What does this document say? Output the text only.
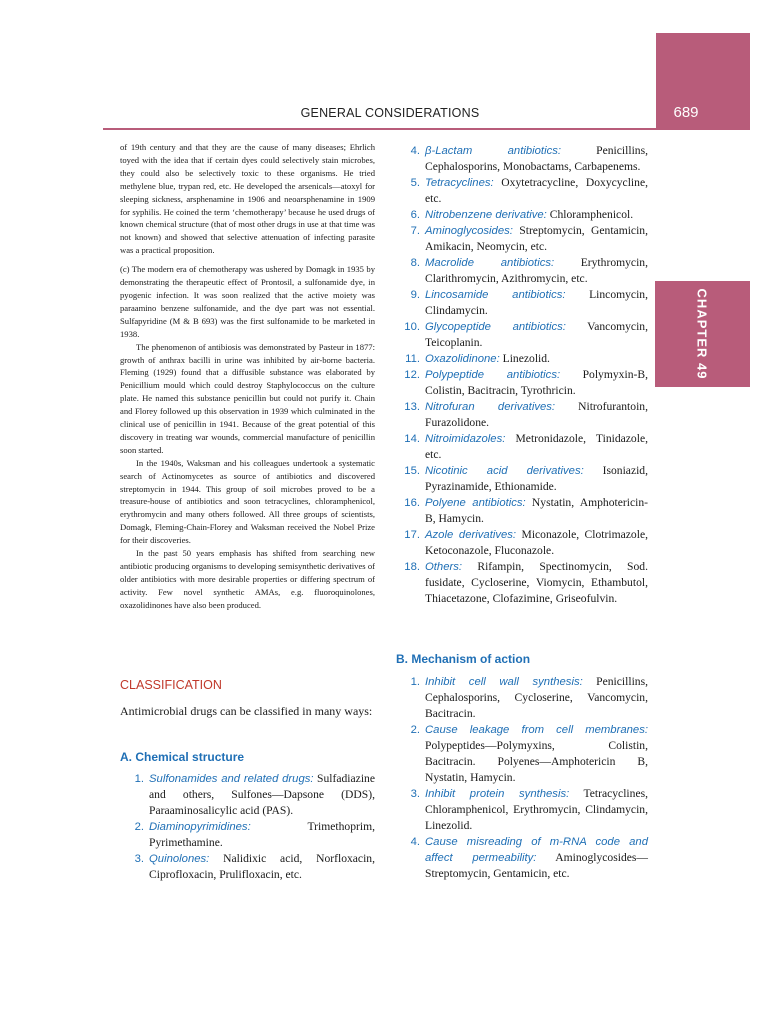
689
GENERAL CONSIDERATIONS
CHAPTER 49

of 19th century and that they are the cause of many diseases; Ehrlich toyed with the idea that if certain dyes could selectively stain microbes, they could also be selectively toxic to these organisms. He tried methylene blue, trypan red, etc. He developed the arsenicals—atoxyl for sleeping sickness, arsphenamine in 1906 and neoarsphenamine in 1909 for syphilis. He coined the term ‘chemotherapy’ because he used drugs of known chemical structure (that of most other drugs in use at that time was not known) and showed that selective attenuation of infecting parasite was a practical proposition.

(c) The modern era of chemotherapy was ushered by Domagk in 1935 by demonstrating the therapeutic effect of Prontosil, a sulfonamide dye, in pyogenic infection. It was soon realized that the active moiety was paraamino benzene sulfonamide, and the dye part was not essential. Sulfapyridine (M & B 693) was the first sulfonamide to be marketed in 1938.

The phenomenon of antibiosis was demonstrated by Pasteur in 1877: growth of anthrax bacilli in urine was inhibited by air-borne bacteria. Fleming (1929) found that a diffusible substance was elaborated by Penicillium mould which could destroy Staphylococcus on the culture plate. He named this substance penicillin but could not purify it. Chain and Florey followed up this observation in 1939 which culminated in the clinical use of penicillin in 1941. Because of the great potential of this discovery in treating war wounds, commercial manufacture of penicillin soon started.

In the 1940s, Waksman and his colleagues undertook a systematic search of Actinomycetes as source of antibiotics and discovered streptomycin in 1944. This group of soil microbes proved to be a treasure-house of antibiotics and soon tetracyclines, chloramphenicol, erythromycin and many others followed. All three groups of scientists, Domagk, Fleming-Chain-Florey and Waksman received the Nobel Prize for their discoveries.

In the past 50 years emphasis has shifted from searching new antibiotic producing organisms to developing semisynthetic derivatives of older antibiotics with more desirable properties or differing spectrum of activity. Few novel synthetic AMAs, e.g. fluoroquinolones, oxazolidinones have also been produced.

CLASSIFICATION

Antimicrobial drugs can be classified in many ways:

A. Chemical structure

1. Sulfonamides and related drugs: Sulfadiazine and others, Sulfones—Dapsone (DDS), Paraaminosalicylic acid (PAS).

2. Diaminopyrimidines: Trimethoprim, Pyrimethamine.

3. Quinolones: Nalidixic acid, Norfloxacin, Ciprofloxacin, Prulifloxacin, etc.

4. β-Lactam antibiotics: Penicillins, Cephalosporins, Monobactams, Carbapenems.

5. Tetracyclines: Oxytetracycline, Doxycycline, etc.

6. Nitrobenzene derivative: Chloramphenicol.

7. Aminoglycosides: Streptomycin, Gentamicin, Amikacin, Neomycin, etc.

8. Macrolide antibiotics: Erythromycin, Clarithromycin, Azithromycin, etc.

9. Lincosamide antibiotics: Lincomycin, Clindamycin.

10. Glycopeptide antibiotics: Vancomycin, Teicoplanin.

11. Oxazolidinone: Linezolid.

12. Polypeptide antibiotics: Polymyxin-B, Colistin, Bacitracin, Tyrothricin.

13. Nitrofuran derivatives: Nitrofurantoin, Furazolidone.

14. Nitroimidazoles: Metronidazole, Tinidazole, etc.

15. Nicotinic acid derivatives: Isoniazid, Pyrazinamide, Ethionamide.

16. Polyene antibiotics: Nystatin, Amphotericin-B, Hamycin.

17. Azole derivatives: Miconazole, Clotrimazole, Ketoconazole, Fluconazole.

18. Others: Rifampin, Spectinomycin, Sod. fusidate, Cycloserine, Viomycin, Ethambutol, Thiacetazone, Clofazimine, Griseofulvin.

B. Mechanism of action

1. Inhibit cell wall synthesis: Penicillins, Cephalosporins, Cycloserine, Vancomycin, Bacitracin.

2. Cause leakage from cell membranes: Polypeptides—Polymyxins, Colistin, Bacitracin. Polyenes—Amphotericin B, Nystatin, Hamycin.

3. Inhibit protein synthesis: Tetracyclines, Chloramphenicol, Erythromycin, Clindamycin, Linezolid.

4. Cause misreading of m-RNA code and affect permeability: Aminoglycosides—Streptomycin, Gentamicin, etc.
